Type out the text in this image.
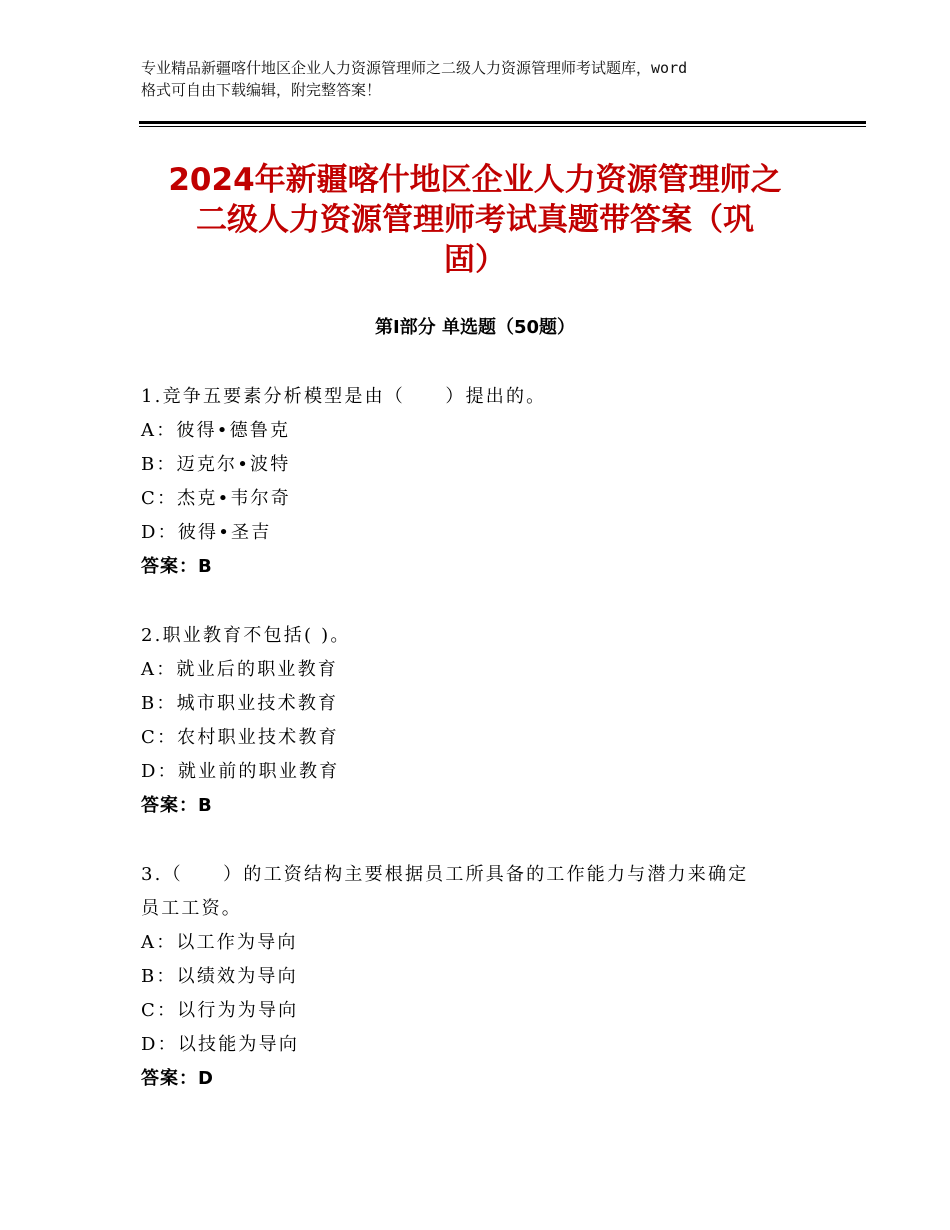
专业精品新疆喀什地区企业人力资源管理师之二级人力资源管理师考试题库，word
格式可自由下载编辑，附完整答案！
2024年新疆喀什地区企业人力资源管理师之
二级人力资源管理师考试真题带答案（巩
固）
第Ⅰ部分 单选题（50题）
1.竞争五要素分析模型是由（　　）提出的。
A：彼得•德鲁克
B：迈克尔•波特
C：杰克•韦尔奇
D：彼得•圣吉
答案：B
2.职业教育不包括( )。
A：就业后的职业教育
B：城市职业技术教育
C：农村职业技术教育
D：就业前的职业教育
答案：B
3.（　　）的工资结构主要根据员工所具备的工作能力与潜力来确定
员工工资。
A：以工作为导向
B：以绩效为导向
C：以行为为导向
D：以技能为导向
答案：D
